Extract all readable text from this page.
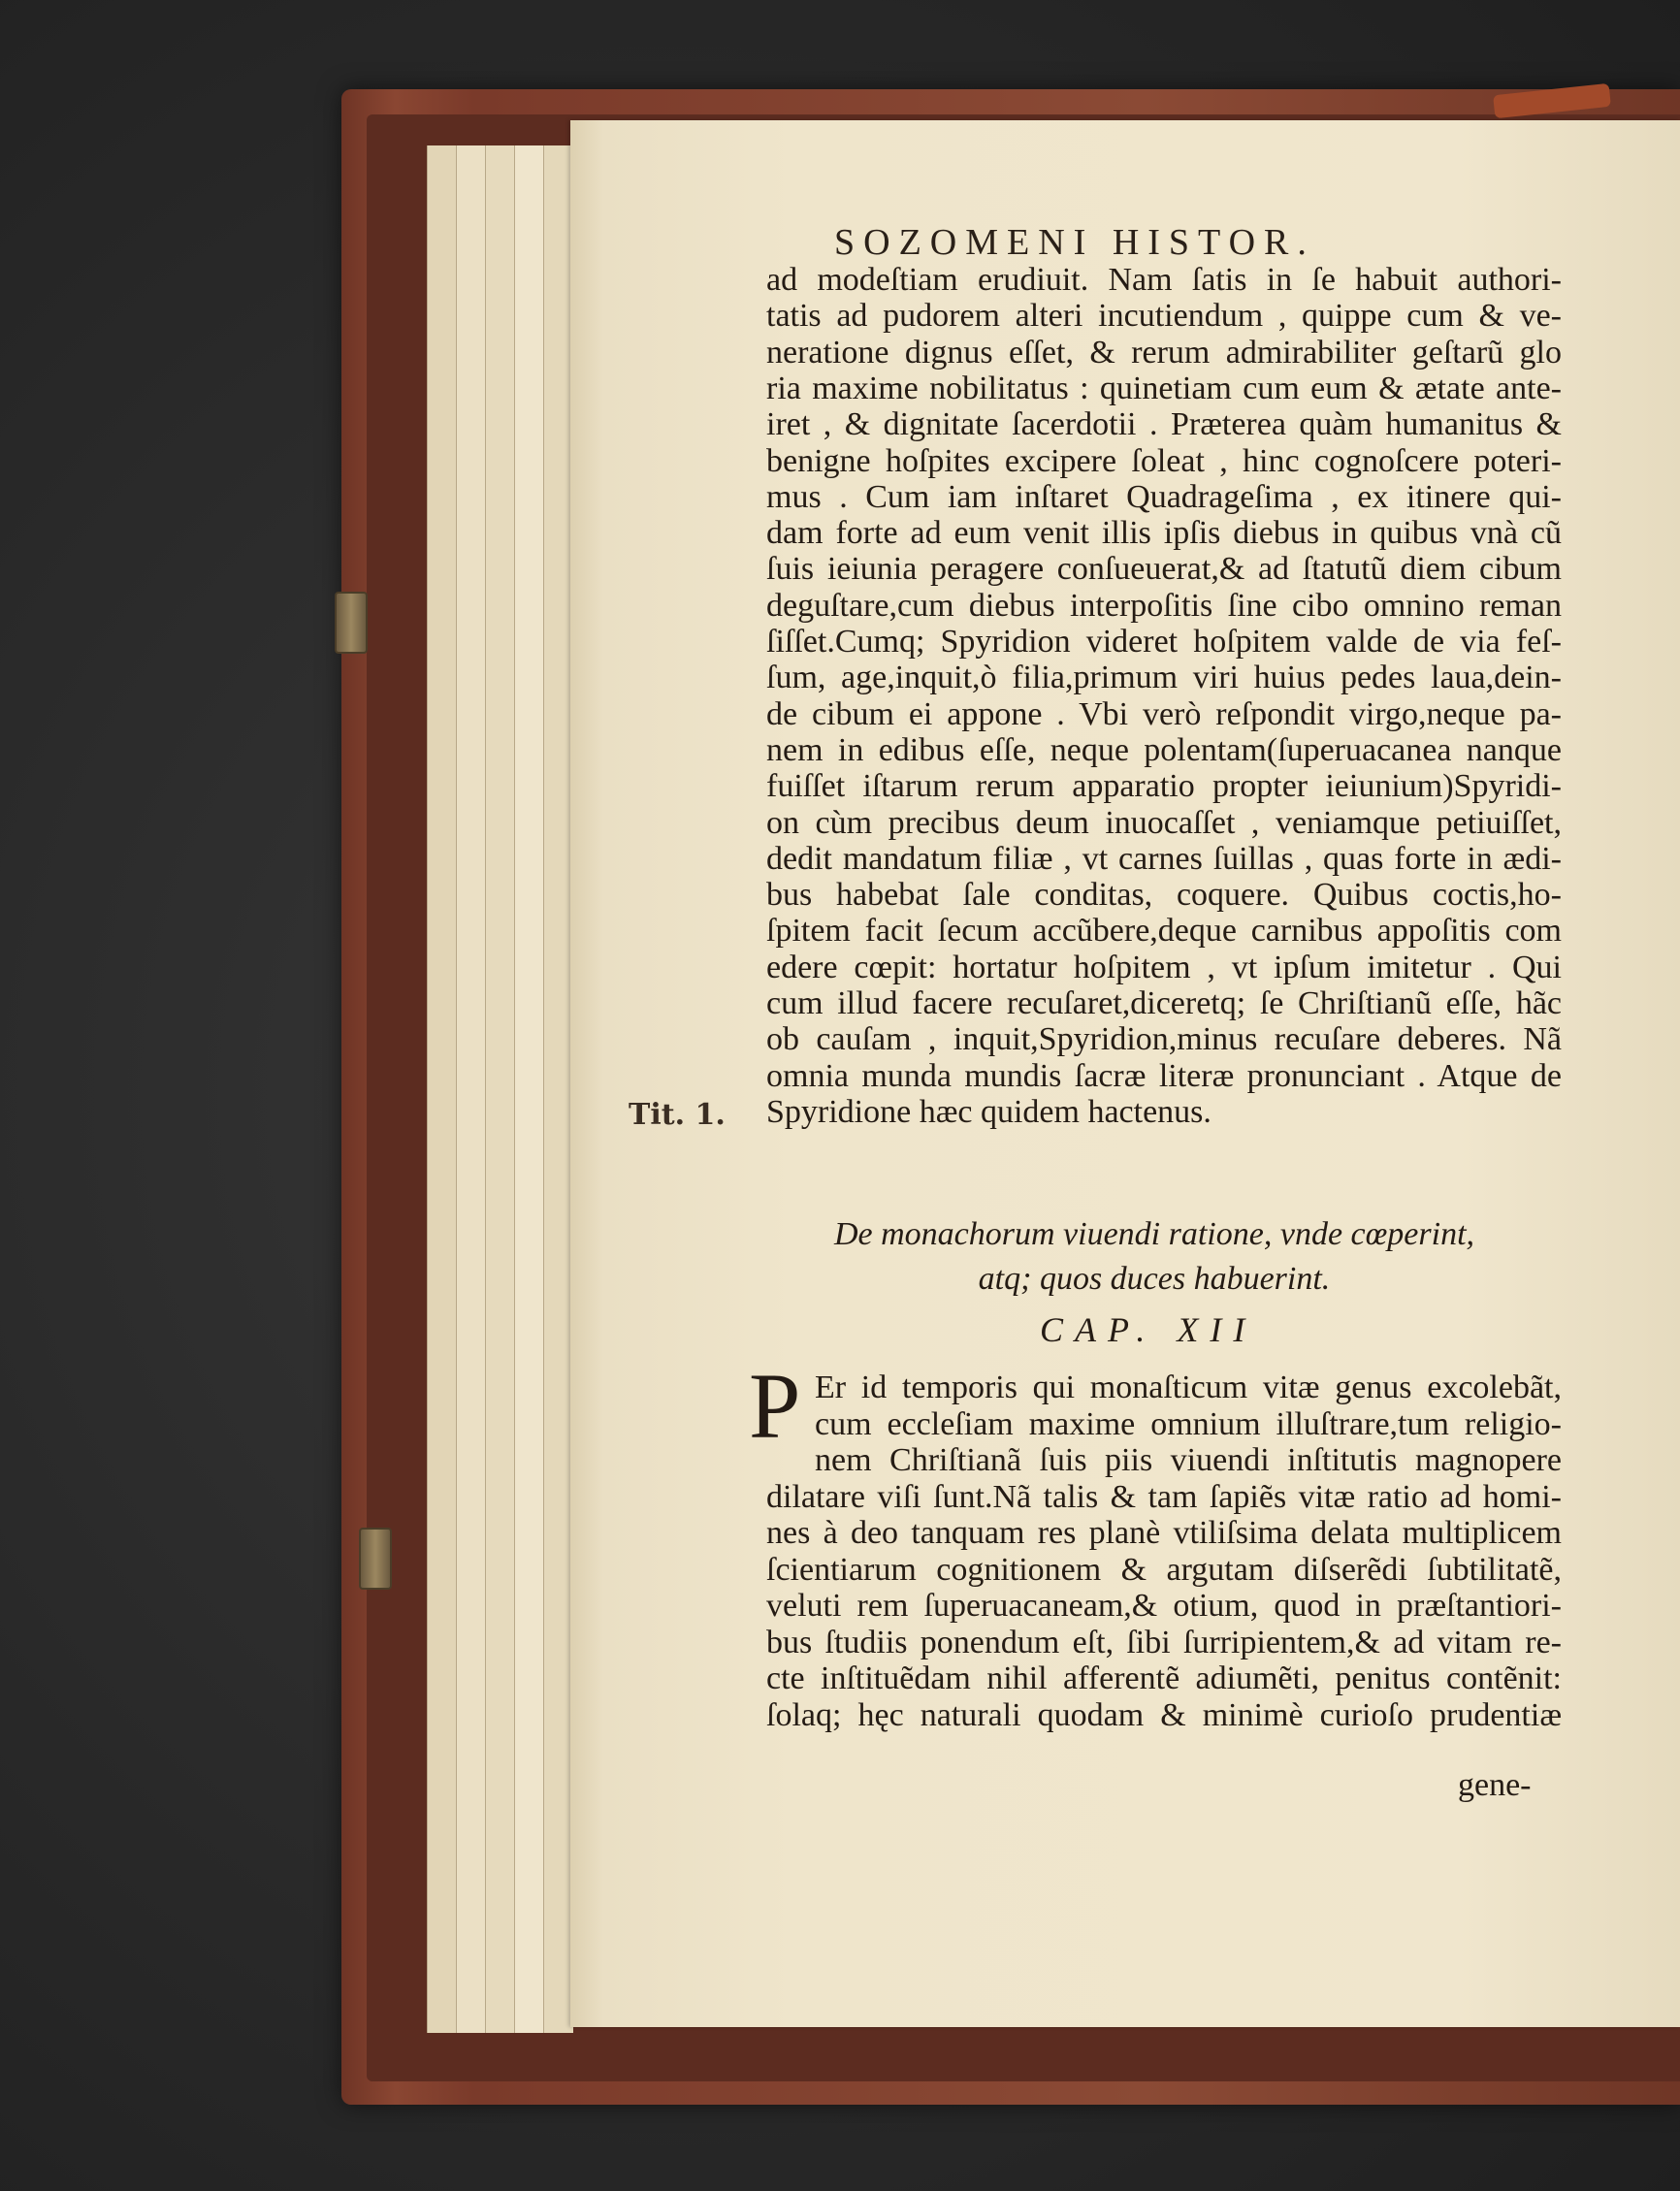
SOZOMENI HISTOR.
Tit. 1.
ad modeſtiam erudiuit. Nam ſatis in ſe habuit authori-
tatis ad pudorem alteri incutiendum , quippe cum & ve-
neratione dignus eſſet, & rerum admirabiliter geſtarũ glo
ria maxime nobilitatus : quinetiam cum eum & ætate ante-
iret , & dignitate ſacerdotii . Præterea quàm humanitus &
benigne hoſpites excipere ſoleat , hinc cognoſcere poteri-
mus . Cum iam inſtaret Quadrageſima , ex itinere qui-
dam forte ad eum venit illis ipſis diebus in quibus vnà cũ
ſuis ieiunia peragere conſueuerat,& ad ſtatutũ diem cibum
deguſtare,cum diebus interpoſitis ſine cibo omnino reman
ſiſſet.Cumq; Spyridion videret hoſpitem valde de via feſ-
ſum, age,inquit,ò filia,primum viri huius pedes laua,dein-
de cibum ei appone . Vbi verò reſpondit virgo,neque pa-
nem in edibus eſſe, neque polentam(ſuperuacanea nanque
fuiſſet iſtarum rerum apparatio propter ieiunium)Spyridi-
on cùm precibus deum inuocaſſet , veniamque petiuiſſet,
dedit mandatum filiæ , vt carnes ſuillas , quas forte in ædi-
bus habebat ſale conditas, coquere. Quibus coctis,ho-
ſpitem facit ſecum accũbere,deque carnibus appoſitis com
edere cœpit: hortatur hoſpitem , vt ipſum imitetur . Qui
cum illud facere recuſaret,diceretq; ſe Chriſtianũ eſſe, hãc
ob cauſam , inquit,Spyridion,minus recuſare deberes. Nã
omnia munda mundis ſacræ literæ pronunciant . Atque de
Spyridione hæc quidem hactenus.
De monachorum viuendi ratione, vnde cœperint,
atq; quos duces habuerint.
CAP. XII
P Er id temporis qui monaſticum vitæ genus excolebãt,
cum eccleſiam maxime omnium illuſtrare,tum religio-
nem Chriſtianã ſuis piis viuendi inſtitutis magnopere
dilatare viſi ſunt.Nã talis & tam ſapiẽs vitæ ratio ad homi-
nes à deo tanquam res planè vtiliſsima delata multiplicem
ſcientiarum cognitionem & argutam diſserẽdi ſubtilitatẽ,
veluti rem ſuperuacaneam,& otium, quod in præſtantiori-
bus ſtudiis ponendum eſt, ſibi ſurripientem,& ad vitam re-
cte inſtituẽdam nihil afferentẽ adiumẽti, penitus contẽnit:
ſolaq; hęc naturali quodam & minimè curioſo prudentiæ
gene-
